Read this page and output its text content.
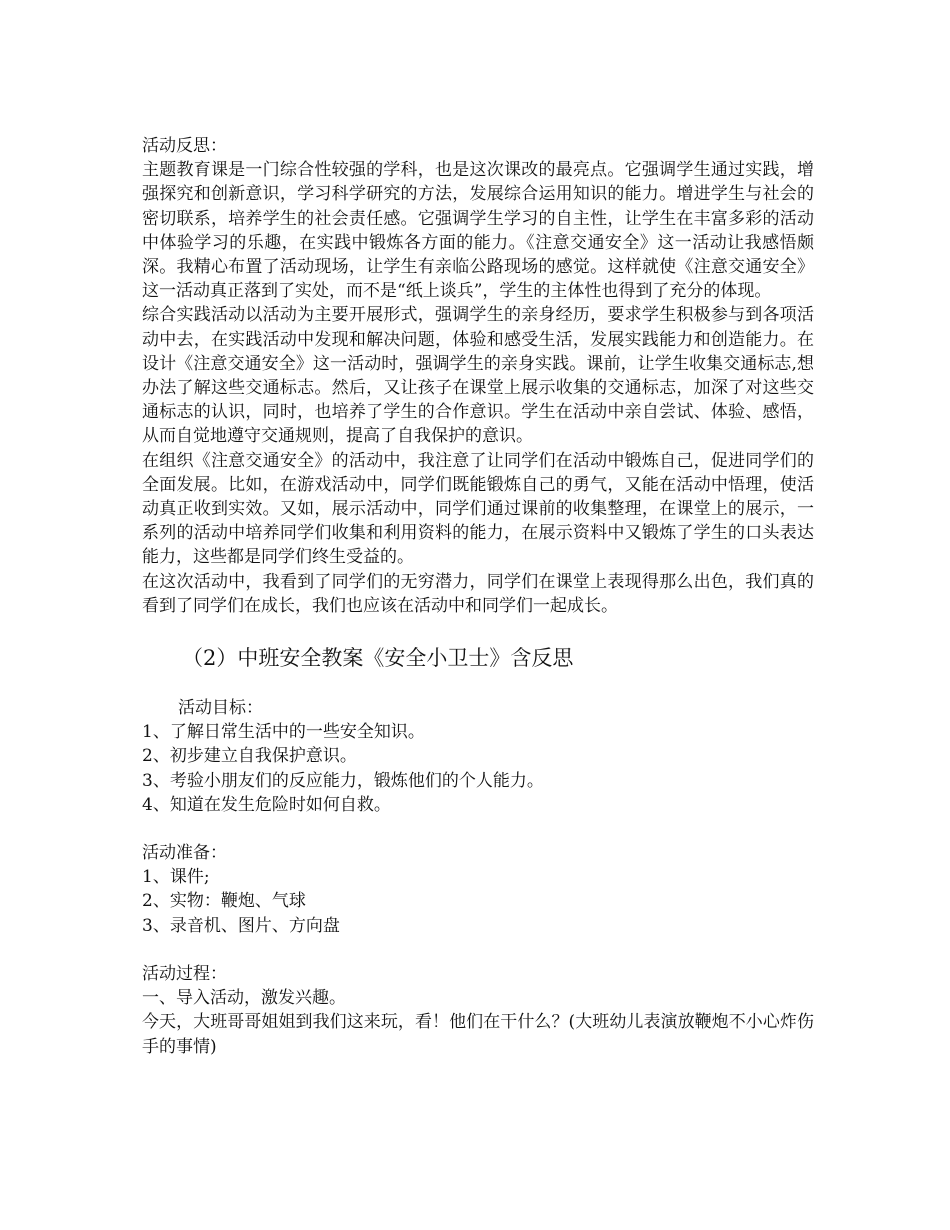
活动反思：

主题教育课是一门综合性较强的学科，也是这次课改的最亮点。它强调学生通过实践，增强探究和创新意识，学习科学研究的方法，发展综合运用知识的能力。增进学生与社会的密切联系，培养学生的社会责任感。它强调学生学习的自主性，让学生在丰富多彩的活动中体验学习的乐趣，在实践中锻炼各方面的能力。《注意交通安全》这一活动让我感悟颇深。我精心布置了活动现场，让学生有亲临公路现场的感觉。这样就使《注意交通安全》这一活动真正落到了实处，而不是“纸上谈兵”，学生的主体性也得到了充分的体现。

综合实践活动以活动为主要开展形式，强调学生的亲身经历，要求学生积极参与到各项活动中去，在实践活动中发现和解决问题，体验和感受生活，发展实践能力和创造能力。在设计《注意交通安全》这一活动时，强调学生的亲身实践。课前，让学生收集交通标志,想办法了解这些交通标志。然后，又让孩子在课堂上展示收集的交通标志，加深了对这些交通标志的认识，同时，也培养了学生的合作意识。学生在活动中亲自尝试、体验、感悟，从而自觉地遵守交通规则，提高了自我保护的意识。

在组织《注意交通安全》的活动中，我注意了让同学们在活动中锻炼自己，促进同学们的全面发展。比如，在游戏活动中，同学们既能锻炼自己的勇气，又能在活动中悟理，使活动真正收到实效。又如，展示活动中，同学们通过课前的收集整理，在课堂上的展示，一系列的活动中培养同学们收集和利用资料的能力，在展示资料中又锻炼了学生的口头表达能力，这些都是同学们终生受益的。

在这次活动中，我看到了同学们的无穷潜力，同学们在课堂上表现得那么出色，我们真的看到了同学们在成长，我们也应该在活动中和同学们一起成长。

（2）中班安全教案《安全小卫士》含反思

活动目标：

1、了解日常生活中的一些安全知识。
2、初步建立自我保护意识。
3、考验小朋友们的反应能力，锻炼他们的个人能力。
4、知道在发生危险时如何自救。

活动准备：

1、课件;
2、实物：鞭炮、气球
3、录音机、图片、方向盘

活动过程：

一、导入活动，激发兴趣。

今天，大班哥哥姐姐到我们这来玩，看！他们在干什么？(大班幼儿表演放鞭炮不小心炸伤手的事情)
